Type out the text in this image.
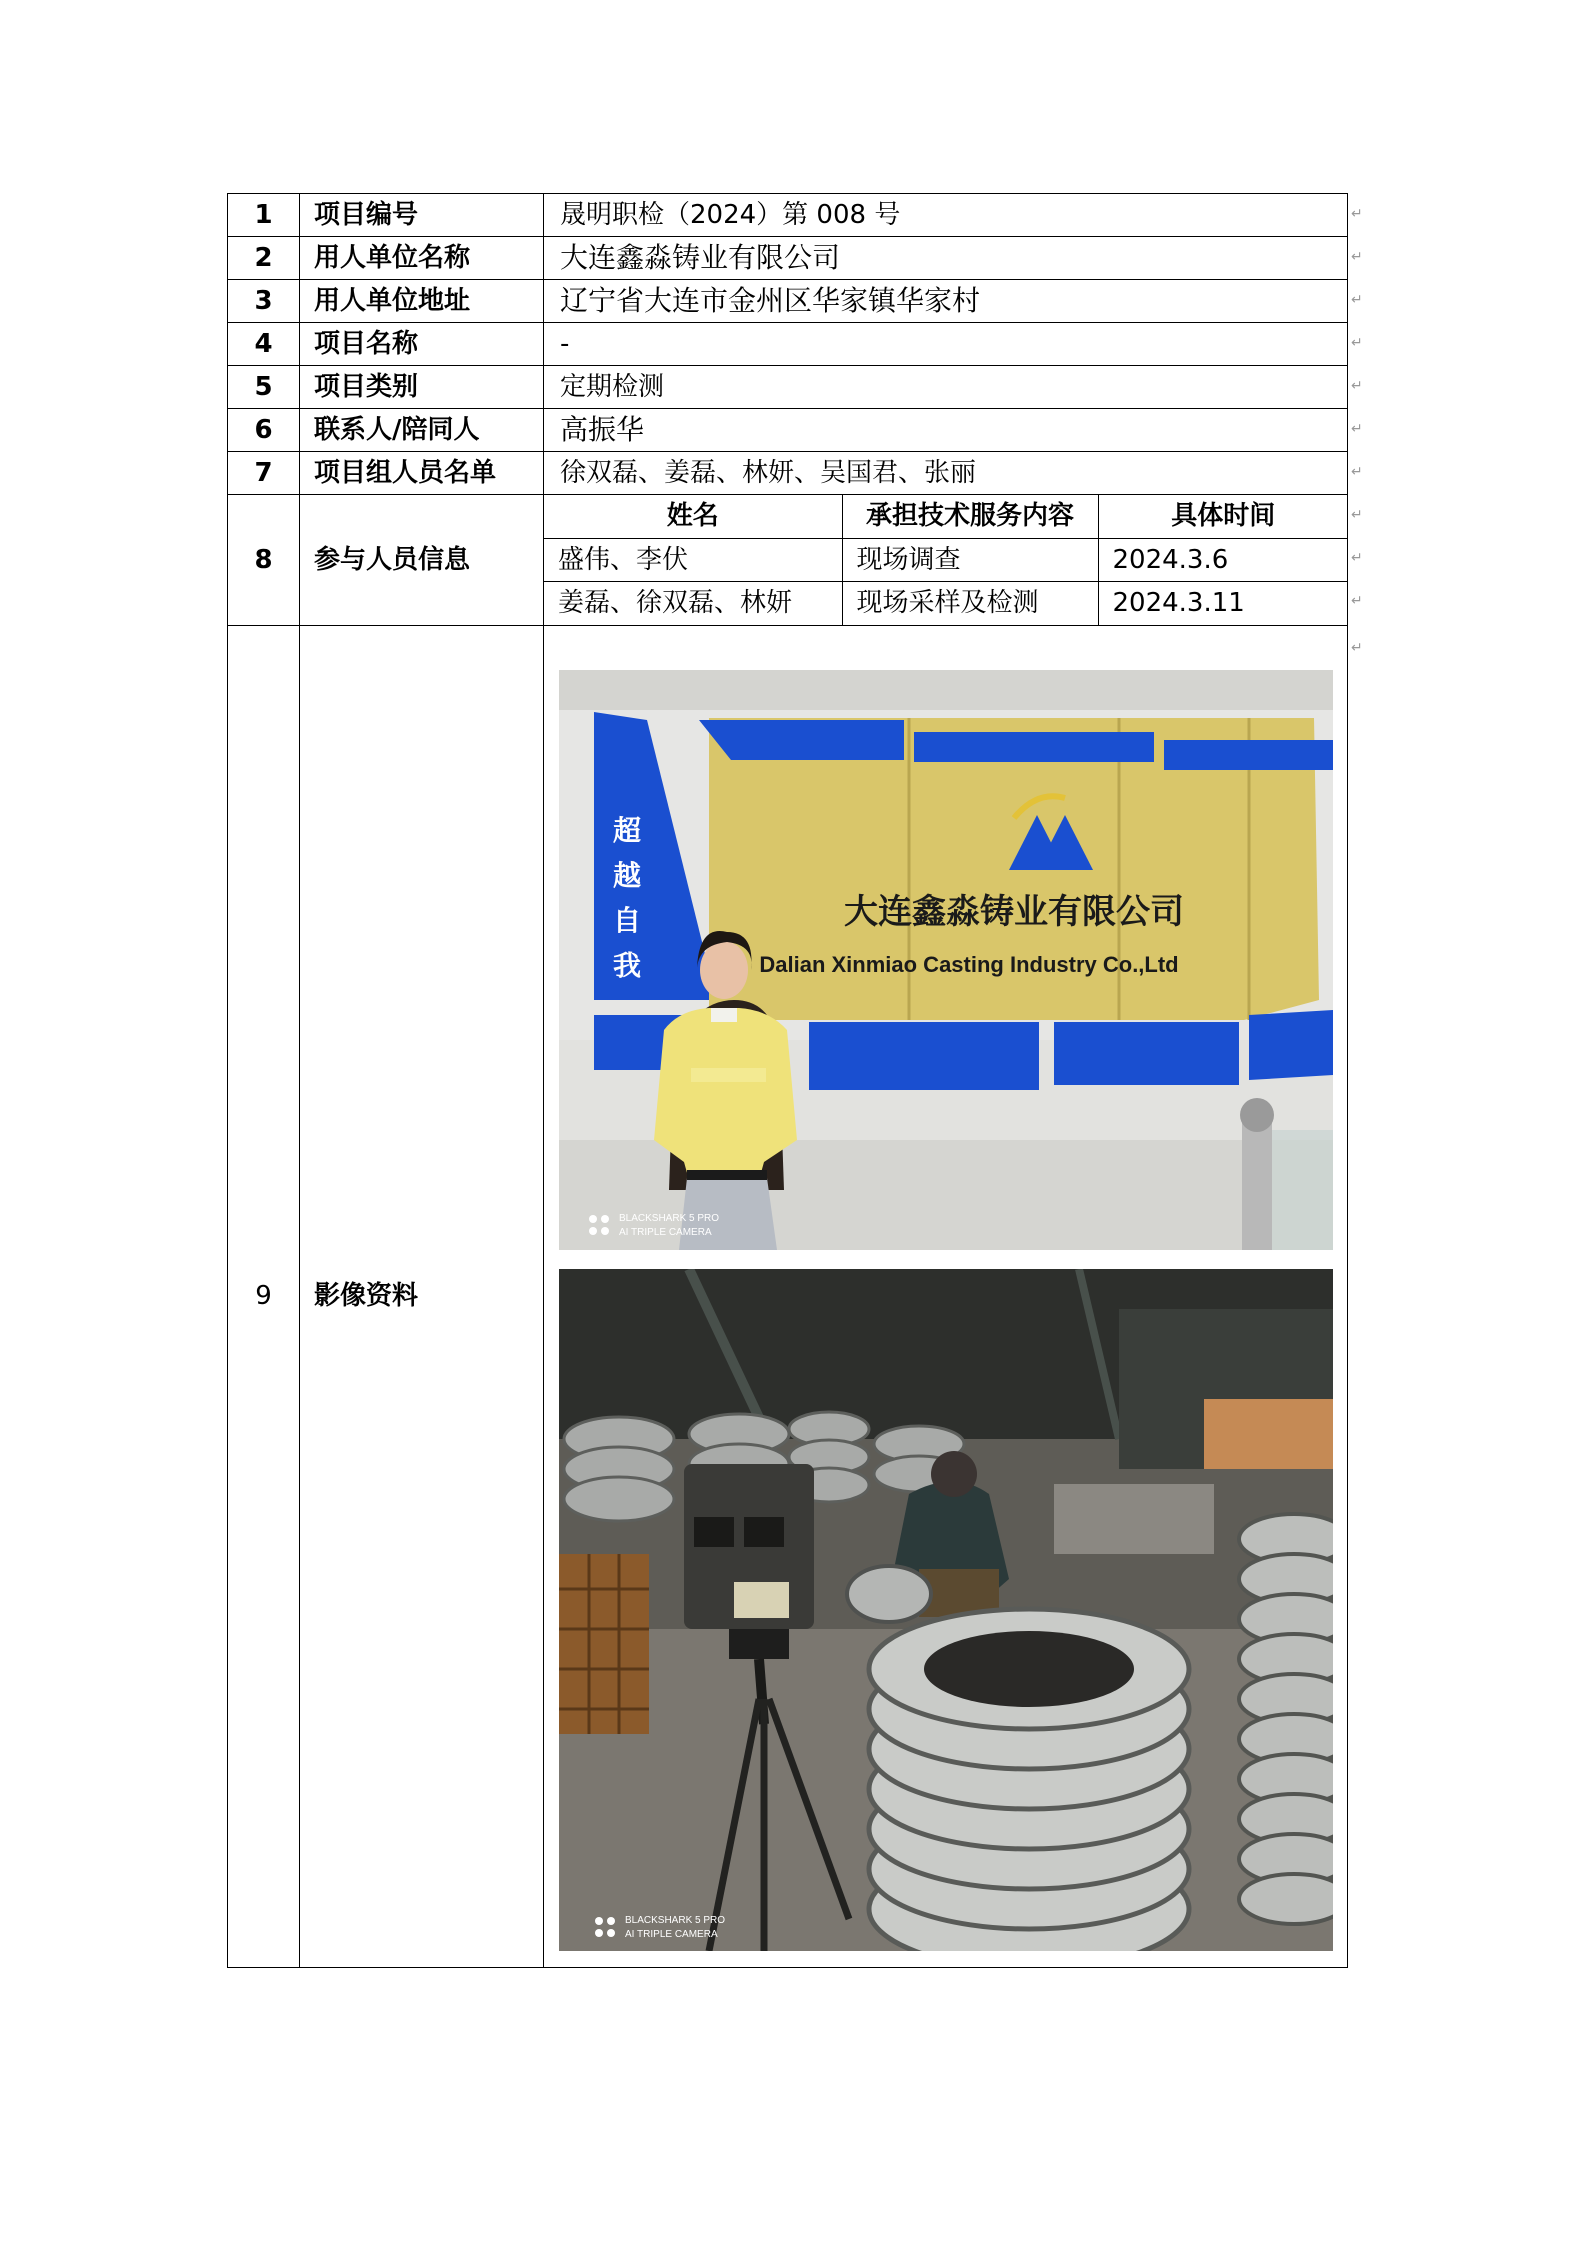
1	项目编号	晟明职检（2024）第 008 号
2	用人单位名称	大连鑫淼铸业有限公司
3	用人单位地址	辽宁省大连市金州区华家镇华家村
4	项目名称	-
5	项目类别	定期检测
6	联系人/陪同人	高振华
7	项目组人员名单	徐双磊、姜磊、林妍、吴国君、张丽
8	参与人员信息	
姓名	承担技术服务内容	具体时间
盛伟、李伏	现场调查	2024.3.6
姜磊、徐双磊、林妍	现场采样及检测	2024.3.11

9	影像资料	
超
越
自
我
大连鑫淼铸业有限公司
Dalian Xinmiao Casting Industry Co.,Ltd
BLACKSHARK 5 PRO
AI TRIPLE CAMERA
BLACKSHARK 5 PRO
AI TRIPLE CAMERA
↵
↵
↵
↵
↵
↵
↵
↵
↵
↵
↵
